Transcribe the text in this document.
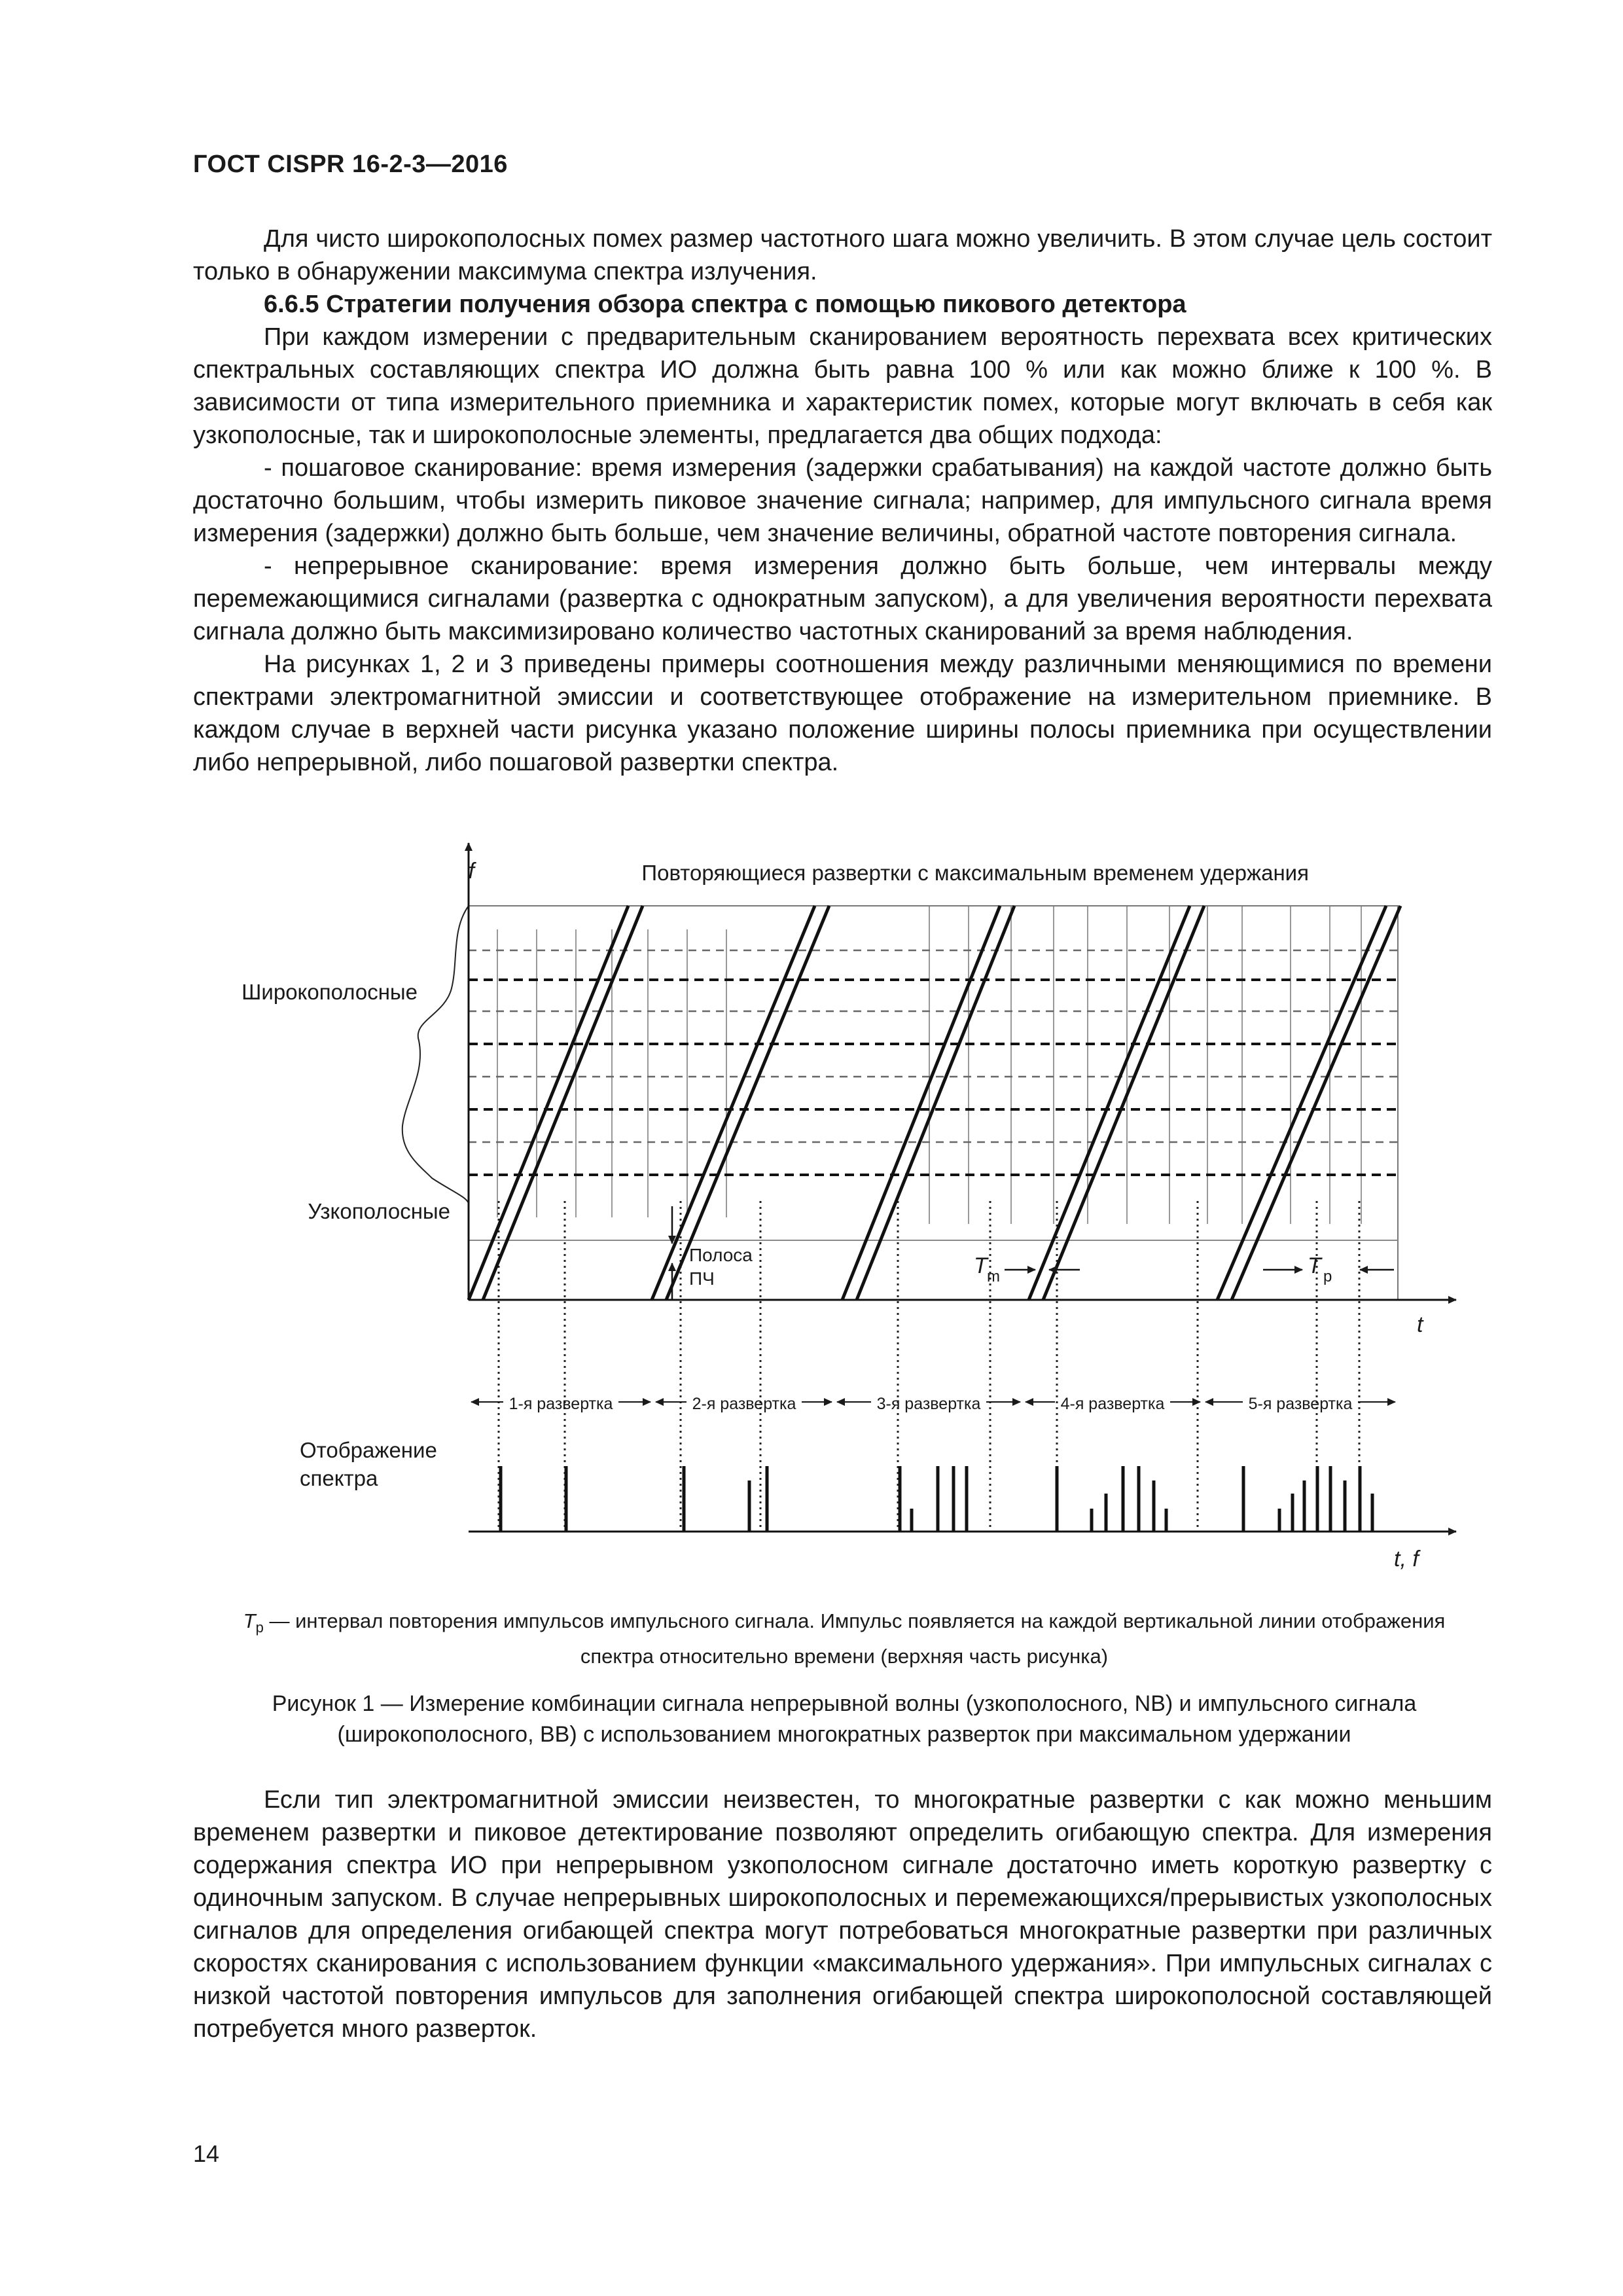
ГОСТ CISPR 16-2-3—2016

Для чисто широкополосных помех размер частотного шага можно увеличить. В этом случае цель состоит только в обнаружении максимума спектра излучения.

6.6.5 Стратегии получения обзора спектра с помощью пикового детектора

При каждом измерении с предварительным сканированием вероятность перехвата всех критических спектральных составляющих спектра ИО должна быть равна 100 % или как можно ближе к 100 %. В зависимости от типа измерительного приемника и характеристик помех, которые могут включать в себя как узкополосные, так и широкополосные элементы, предлагается два общих подхода:

- пошаговое сканирование: время измерения (задержки срабатывания) на каждой частоте должно быть достаточно большим, чтобы измерить пиковое значение сигнала; например, для импульсного сигнала время измерения (задержки) должно быть больше, чем значение величины, обратной частоте повторения сигнала.

- непрерывное сканирование: время измерения должно быть больше, чем интервалы между перемежающимися сигналами (развертка с однократным запуском), а для увеличения вероятности перехвата сигнала должно быть максимизировано количество частотных сканирований за время наблюдения.

На рисунках 1, 2 и 3 приведены примеры соотношения между различными меняющимися по времени спектрами электромагнитной эмиссии и соответствующее отображение на измерительном приемнике. В каждом случае в верхней части рисунка указано положение ширины полосы приемника при осуществлении либо непрерывной, либо пошаговой развертки спектра.

f	Повторяющиеся развертки с максимальным временем удержания
Широкополосные
Узкополосные
Полоса
ПЧ
T m	T p
t
Отображение
спектра
t, f
1-я развертка	2-я развертка	3-я развертка	4-я развертка	5-я развертка
$T_p$ — интервал повторения импульсов импульсного сигнала. Импульс появляется на каждой вертикальной линии отображения
спектра относительно времени (верхняя часть рисунка)
Рисунок 1 — Измерение комбинации сигнала непрерывной волны (узкополосного, NB) и импульсного сигнала
(широкополосного, BB) с использованием многократных разверток при максимальном удержании

Если тип электромагнитной эмиссии неизвестен, то многократные развертки с как можно меньшим временем развертки и пиковое детектирование позволяют определить огибающую спектра. Для измерения содержания спектра ИО при непрерывном узкополосном сигнале достаточно иметь короткую развертку с одиночным запуском. В случае непрерывных широкополосных и перемежающихся/прерывистых узкополосных сигналов для определения огибающей спектра могут потребоваться многократные развертки при различных скоростях сканирования с использованием функции «максимального удержания». При импульсных сигналах с низкой частотой повторения импульсов для заполнения огибающей спектра широкополосной составляющей потребуется много разверток.

14
